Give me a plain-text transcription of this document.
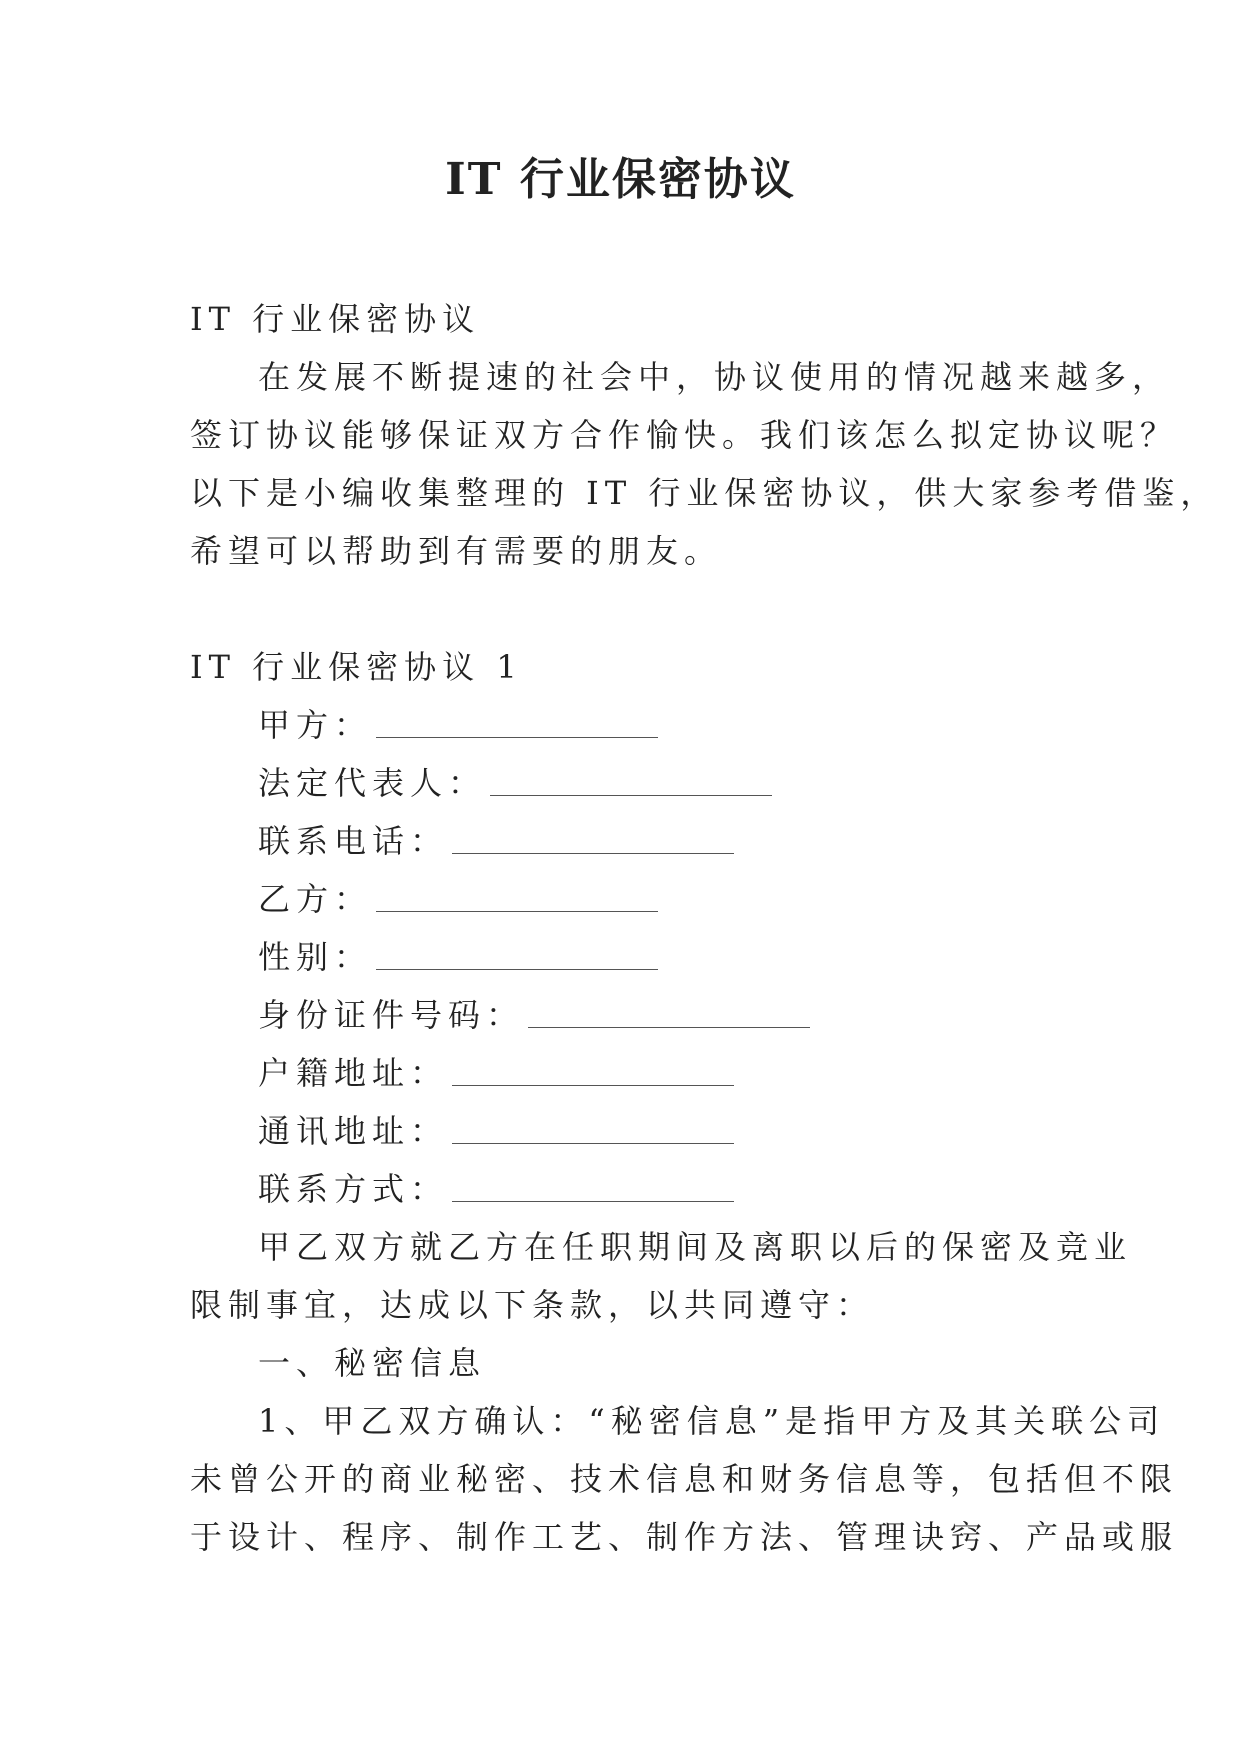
IT 行业保密协议
IT 行业保密协议
在发展不断提速的社会中，协议使用的情况越来越多，
签订协议能够保证双方合作愉快。我们该怎么拟定协议呢？
以下是小编收集整理的 IT 行业保密协议，供大家参考借鉴，
希望可以帮助到有需要的朋友。
IT 行业保密协议 1
甲方：
法定代表人：
联系电话：
乙方：
性别：
身份证件号码：
户籍地址：
通讯地址：
联系方式：
甲乙双方就乙方在任职期间及离职以后的保密及竞业
限制事宜，达成以下条款，以共同遵守：
一、秘密信息
1、甲乙双方确认：“秘密信息”是指甲方及其关联公司
未曾公开的商业秘密、技术信息和财务信息等，包括但不限
于设计、程序、制作工艺、制作方法、管理诀窍、产品或服
